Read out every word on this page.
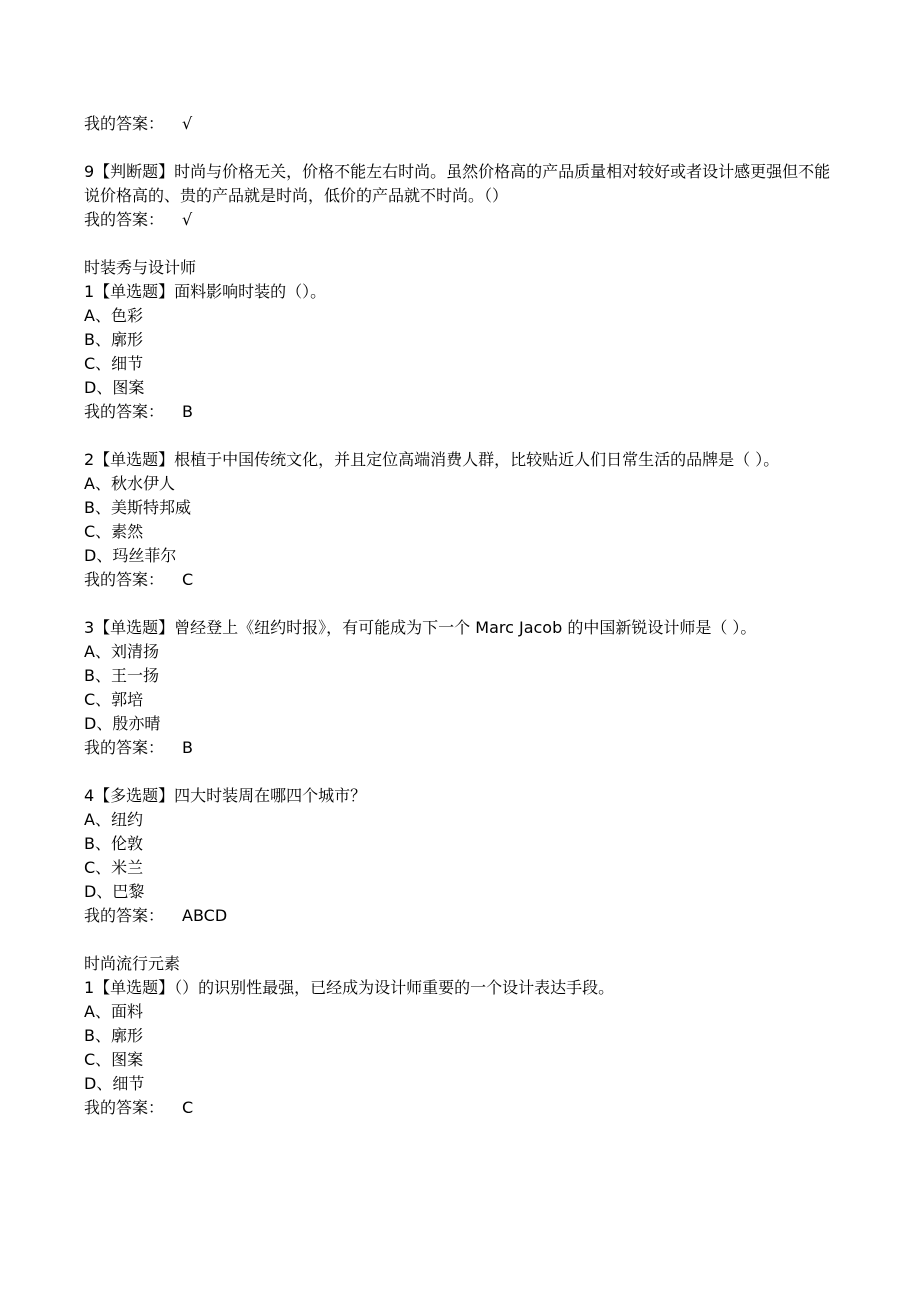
我的答案： √
9【判断题】时尚与价格无关，价格不能左右时尚。虽然价格高的产品质量相对较好或者设计感更强但不能说价格高的、贵的产品就是时尚，低价的产品就不时尚。（）
我的答案： √
时装秀与设计师
1【单选题】面料影响时装的（）。
A、色彩
B、廓形
C、细节
D、图案
我的答案： B
2【单选题】根植于中国传统文化，并且定位高端消费人群，比较贴近人们日常生活的品牌是（ ）。
A、秋水伊人
B、美斯特邦威
C、素然
D、玛丝菲尔
我的答案： C
3【单选题】曾经登上《纽约时报》，有可能成为下一个 Marc Jacob 的中国新锐设计师是（ ）。
A、刘清扬
B、王一扬
C、郭培
D、殷亦晴
我的答案： B
4【多选题】四大时装周在哪四个城市？
A、纽约
B、伦敦
C、米兰
D、巴黎
我的答案： ABCD
时尚流行元素
1【单选题】（）的识别性最强，已经成为设计师重要的一个设计表达手段。
A、面料
B、廓形
C、图案
D、细节
我的答案： C
